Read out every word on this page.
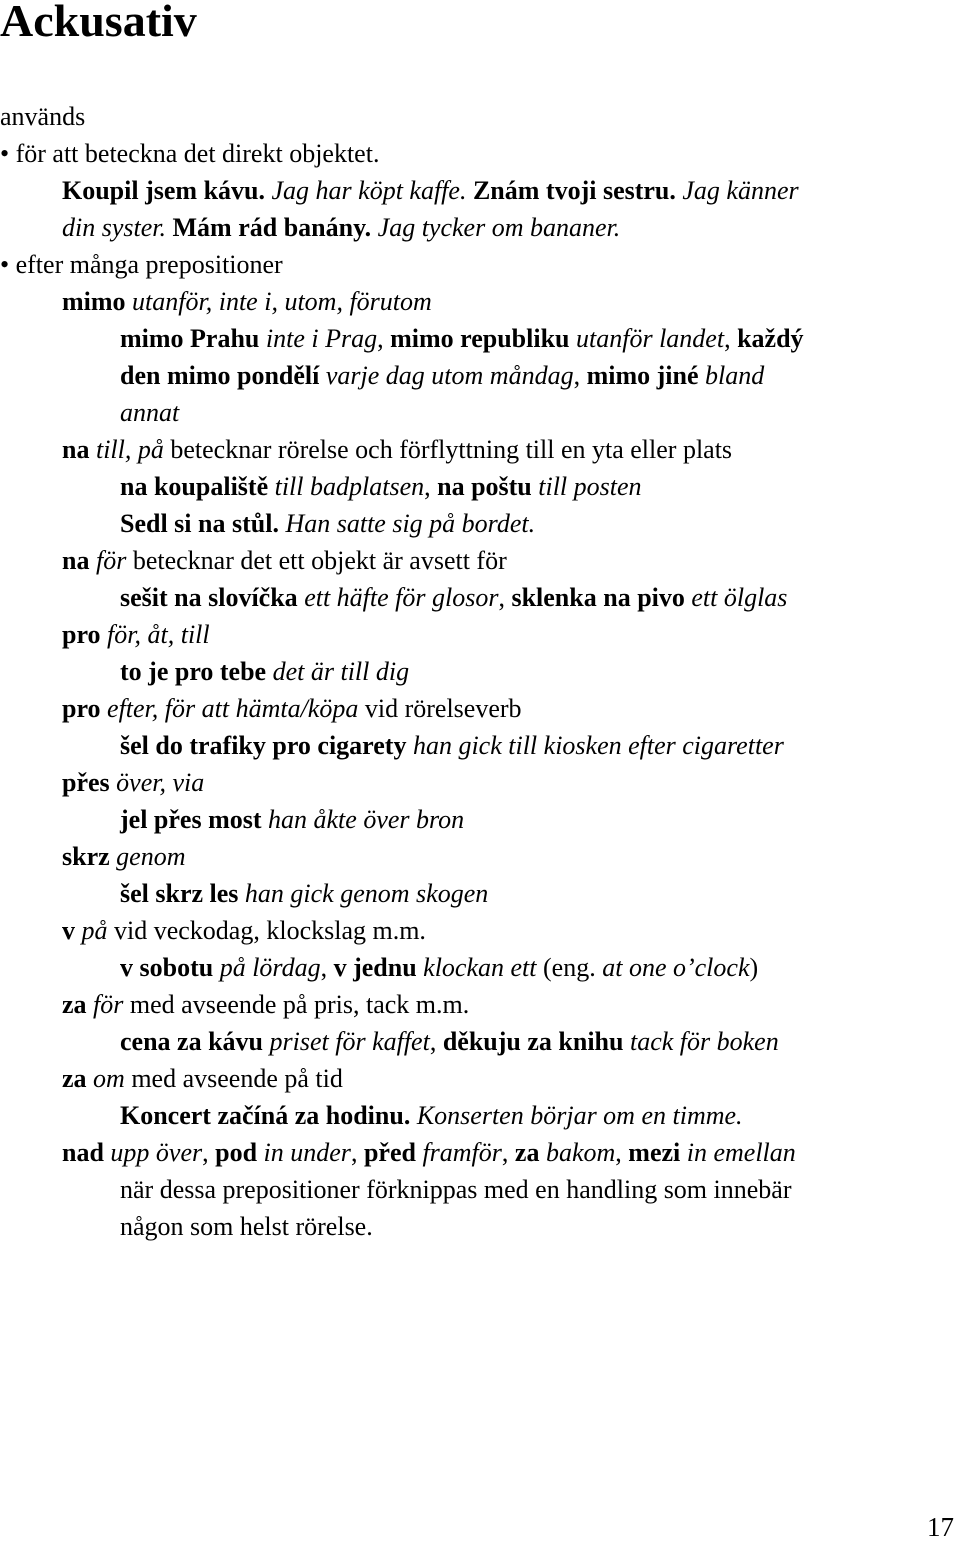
Ackusativ
används
• för att beteckna det direkt objektet.
Koupil jsem kávu. Jag har köpt kaffe. Znám tvoji sestru. Jag känner
din syster. Mám rád banány. Jag tycker om bananer.
• efter många prepositioner
mimo utanför, inte i, utom, förutom
mimo Prahu inte i Prag, mimo republiku utanför landet, každý
den mimo pondělí varje dag utom måndag, mimo jiné bland
annat
na till, på betecknar rörelse och förflyttning till en yta eller plats
na koupaliště till badplatsen, na poštu till posten
Sedl si na stůl. Han satte sig på bordet.
na för betecknar det ett objekt är avsett för
sešit na slovíčka ett häfte för glosor, sklenka na pivo ett ölglas
pro för, åt, till
to je pro tebe det är till dig
pro efter, för att hämta/köpa vid rörelseverb
šel do trafiky pro cigarety han gick till kiosken efter cigaretter
přes över, via
jel přes most han åkte över bron
skrz genom
šel skrz les han gick genom skogen
v på vid veckodag, klockslag m.m.
v sobotu på lördag, v jednu klockan ett (eng. at one o’clock)
za för med avseende på pris, tack m.m.
cena za kávu priset för kaffet, děkuju za knihu tack för boken
za om med avseende på tid
Koncert začíná za hodinu. Konserten börjar om en timme.
nad upp över, pod in under, před framför, za bakom, mezi in emellan
när dessa prepositioner förknippas med en handling som innebär
någon som helst rörelse.
17
